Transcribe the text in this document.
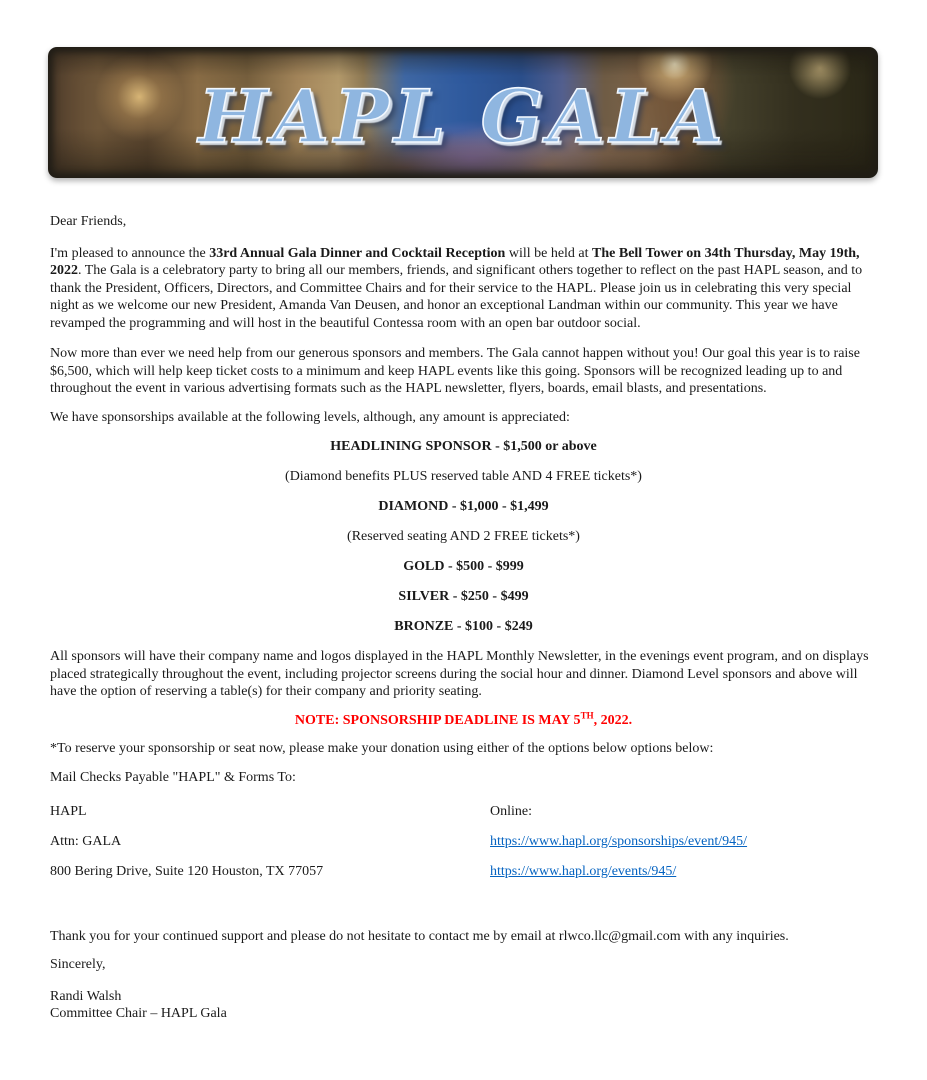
HAPL GALA
Dear Friends,
I'm pleased to announce the 33rd Annual Gala Dinner and Cocktail Reception will be held at The Bell Tower on 34th Thursday, May 19th, 2022. The Gala is a celebratory party to bring all our members, friends, and significant others together to reflect on the past HAPL season, and to thank the President, Officers, Directors, and Committee Chairs and for their service to the HAPL. Please join us in celebrating this very special night as we welcome our new President, Amanda Van Deusen, and honor an exceptional Landman within our community. This year we have revamped the programming and will host in the beautiful Contessa room with an open bar outdoor social.
Now more than ever we need help from our generous sponsors and members. The Gala cannot happen without you! Our goal this year is to raise $6,500, which will help keep ticket costs to a minimum and keep HAPL events like this going. Sponsors will be recognized leading up to and throughout the event in various advertising formats such as the HAPL newsletter, flyers, boards, email blasts, and presentations.
We have sponsorships available at the following levels, although, any amount is appreciated:
HEADLINING SPONSOR - $1,500 or above
(Diamond benefits PLUS reserved table AND 4 FREE tickets*)
DIAMOND - $1,000 - $1,499
(Reserved seating AND 2 FREE tickets*)
GOLD - $500 - $999
SILVER - $250 - $499
BRONZE - $100 - $249
All sponsors will have their company name and logos displayed in the HAPL Monthly Newsletter, in the evenings event program, and on displays placed strategically throughout the event, including projector screens during the social hour and dinner. Diamond Level sponsors and above will have the option of reserving a table(s) for their company and priority seating.
NOTE: SPONSORSHIP DEADLINE IS MAY 5TH, 2022.
*To reserve your sponsorship or seat now, please make your donation using either of the options below options below:
Mail Checks Payable "HAPL" & Forms To:
HAPL	Online:
Attn: GALA	https://www.hapl.org/sponsorships/event/945/
800 Bering Drive, Suite 120 Houston, TX 77057	https://www.hapl.org/events/945/
Thank you for your continued support and please do not hesitate to contact me by email at rlwco.llc@gmail.com with any inquiries.
Sincerely,
Randi Walsh
Committee Chair – HAPL Gala
